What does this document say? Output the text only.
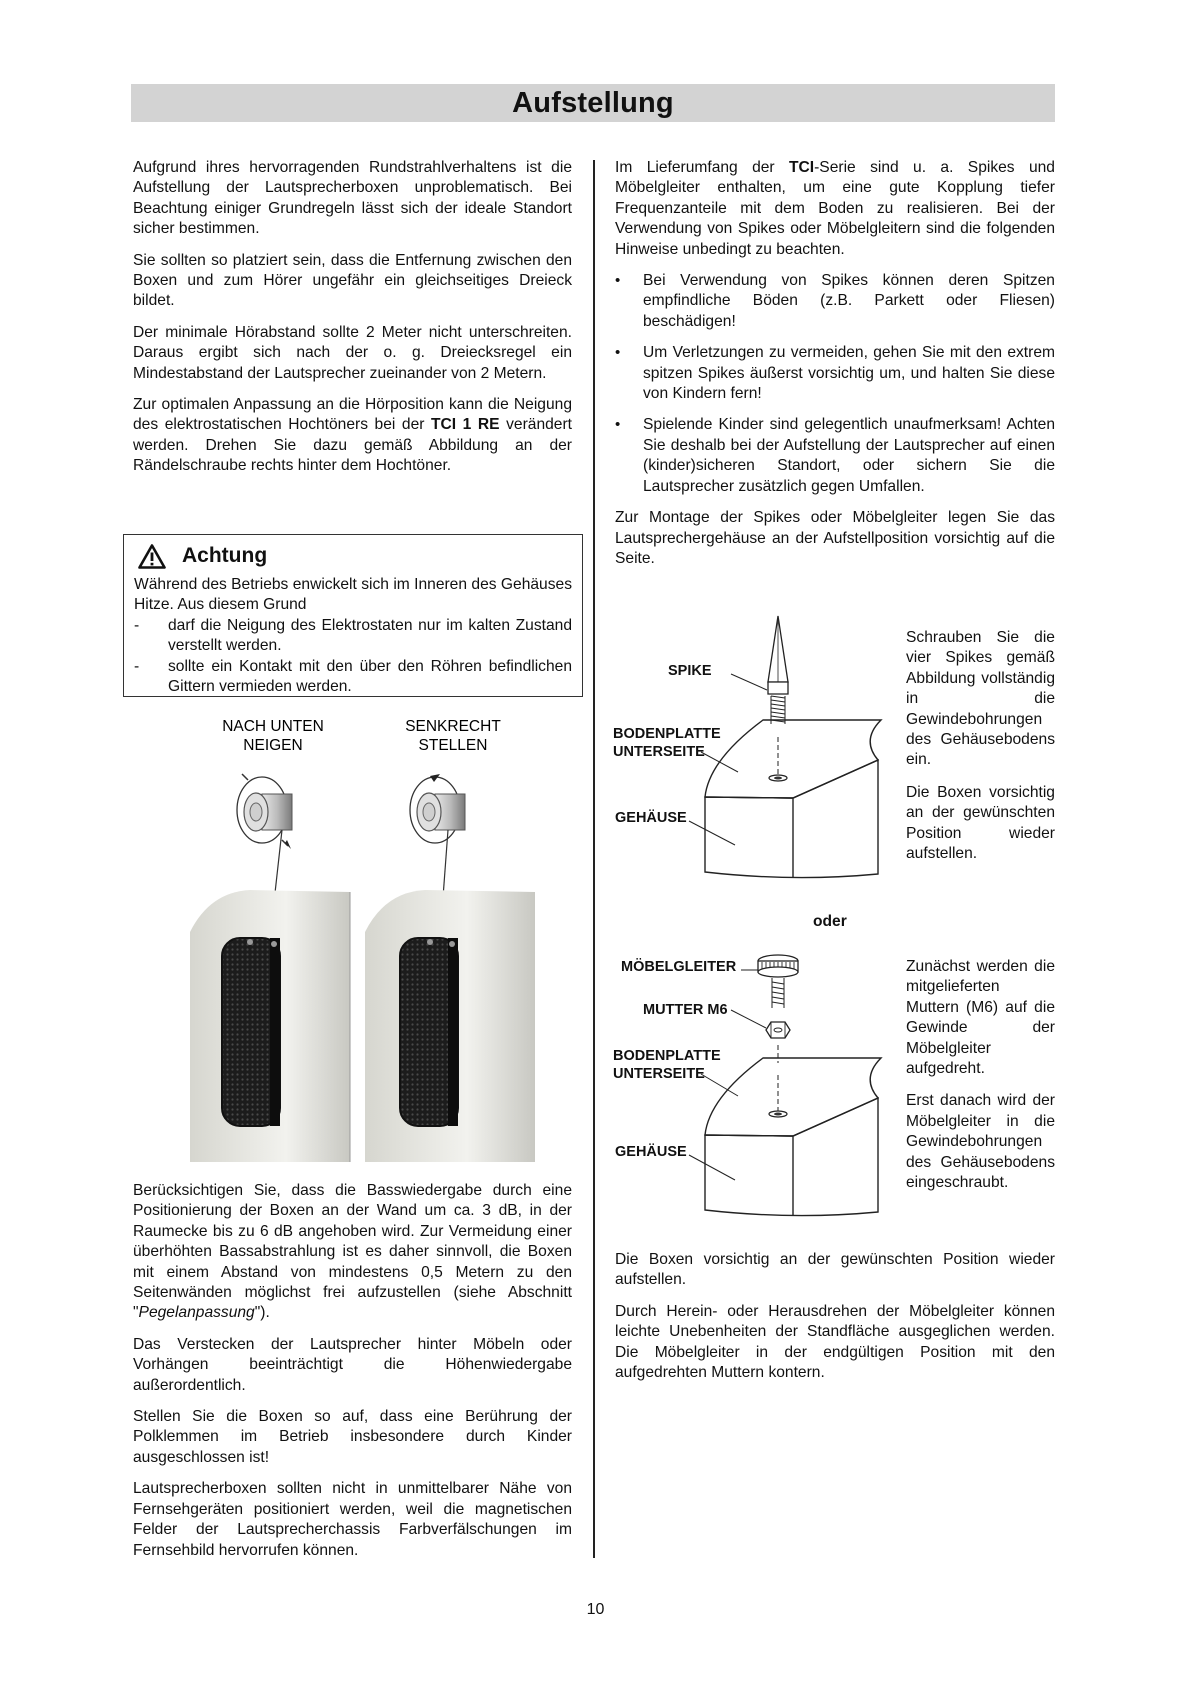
Aufstellung

Aufgrund ihres hervorragenden Rundstrahlverhaltens ist die Aufstellung der Lautsprecherboxen unproblematisch. Bei Beachtung einiger Grundregeln lässt sich der ideale Standort sicher bestimmen.

Sie sollten so platziert sein, dass die Entfernung zwischen den Boxen und zum Hörer ungefähr ein gleichseitiges Dreieck bildet.

Der minimale Hörabstand sollte 2 Meter nicht unterschreiten. Daraus ergibt sich nach der o. g. Dreiecksregel ein Mindestabstand der Lautsprecher zueinander von 2 Metern.

Zur optimalen Anpassung an die Hörposition kann die Neigung des elektrostatischen Hochtöners bei der TCI 1 RE verändert werden. Drehen Sie dazu gemäß Abbildung an der Rändelschraube rechts hinter dem Hochtöner.

Achtung

Während des Betriebs enwickelt sich im Inneren des Gehäuses Hitze. Aus diesem Grund

-	darf die Neigung des Elektrostaten nur im kalten Zustand verstellt werden.
-	sollte ein Kontakt mit den über den Röhren befindlichen Gittern vermieden werden.
NACH UNTEN
NEIGEN
SENKRECHT
STELLEN

Berücksichtigen Sie, dass die Basswiedergabe durch eine Positionierung der Boxen an der Wand um ca. 3 dB, in der Raumecke bis zu 6 dB angehoben wird. Zur Vermeidung einer überhöhten Bassabstrahlung ist es daher sinnvoll, die Boxen mit einem Abstand von mindestens 0,5 Metern zu den Seitenwänden möglichst frei aufzustellen (siehe Abschnitt "Pegelanpassung").

Das Verstecken der Lautsprecher hinter Möbeln oder Vorhängen beeinträchtigt die Höhenwiedergabe außerordentlich.

Stellen Sie die Boxen so auf, dass eine Berührung der Polklemmen im Betrieb insbesondere durch Kinder ausgeschlossen ist!

Lautsprecherboxen sollten nicht in unmittelbarer Nähe von Fernsehgeräten positioniert werden, weil die magnetischen Felder der Lautsprecherchassis Farbverfälschungen im Fernsehbild hervorrufen können.

Im Lieferumfang der TCI-Serie sind u. a. Spikes und Möbelgleiter enthalten, um eine gute Kopplung tiefer Frequenzanteile mit dem Boden zu realisieren. Bei der Verwendung von Spikes oder Möbelgleitern sind die folgenden Hinweise unbedingt zu beachten.

•	Bei Verwendung von Spikes können deren Spitzen empfindliche Böden (z.B. Parkett oder Fliesen) beschädigen!
•	Um Verletzungen zu vermeiden, gehen Sie mit den extrem spitzen Spikes äußerst vorsichtig um, und halten Sie diese von Kindern fern!
•	Spielende Kinder sind gelegentlich unaufmerksam! Achten Sie deshalb bei der Aufstellung der Lautsprecher auf einen (kinder)sicheren Standort, oder sichern Sie die Lautsprecher zusätzlich gegen Umfallen.

Zur Montage der Spikes oder Möbelgleiter legen Sie das Lautsprechergehäuse an der Aufstellposition vorsichtig auf die Seite.

SPIKE
BODENPLATTE
UNTERSEITE
GEHÄUSE

Schrauben Sie die vier Spikes gemäß Abbildung vollständig in die Gewindebohrungen des Gehäusebodens ein.

Die Boxen vorsichtig an der gewünschten Position wieder aufstellen.

oder
MÖBELGLEITER
MUTTER M6
BODENPLATTE
UNTERSEITE
GEHÄUSE

Zunächst werden die mitgelieferten Muttern (M6) auf die Gewinde der Möbelgleiter aufgedreht.

Erst danach wird der Möbelgleiter in die Gewindebohrungen des Gehäusebodens eingeschraubt.

Die Boxen vorsichtig an der gewünschten Position wieder aufstellen.

Durch Herein- oder Herausdrehen der Möbelgleiter können leichte Unebenheiten der Standfläche ausgeglichen werden. Die Möbelgleiter in der endgültigen Position mit den aufgedrehten Muttern kontern.

10
